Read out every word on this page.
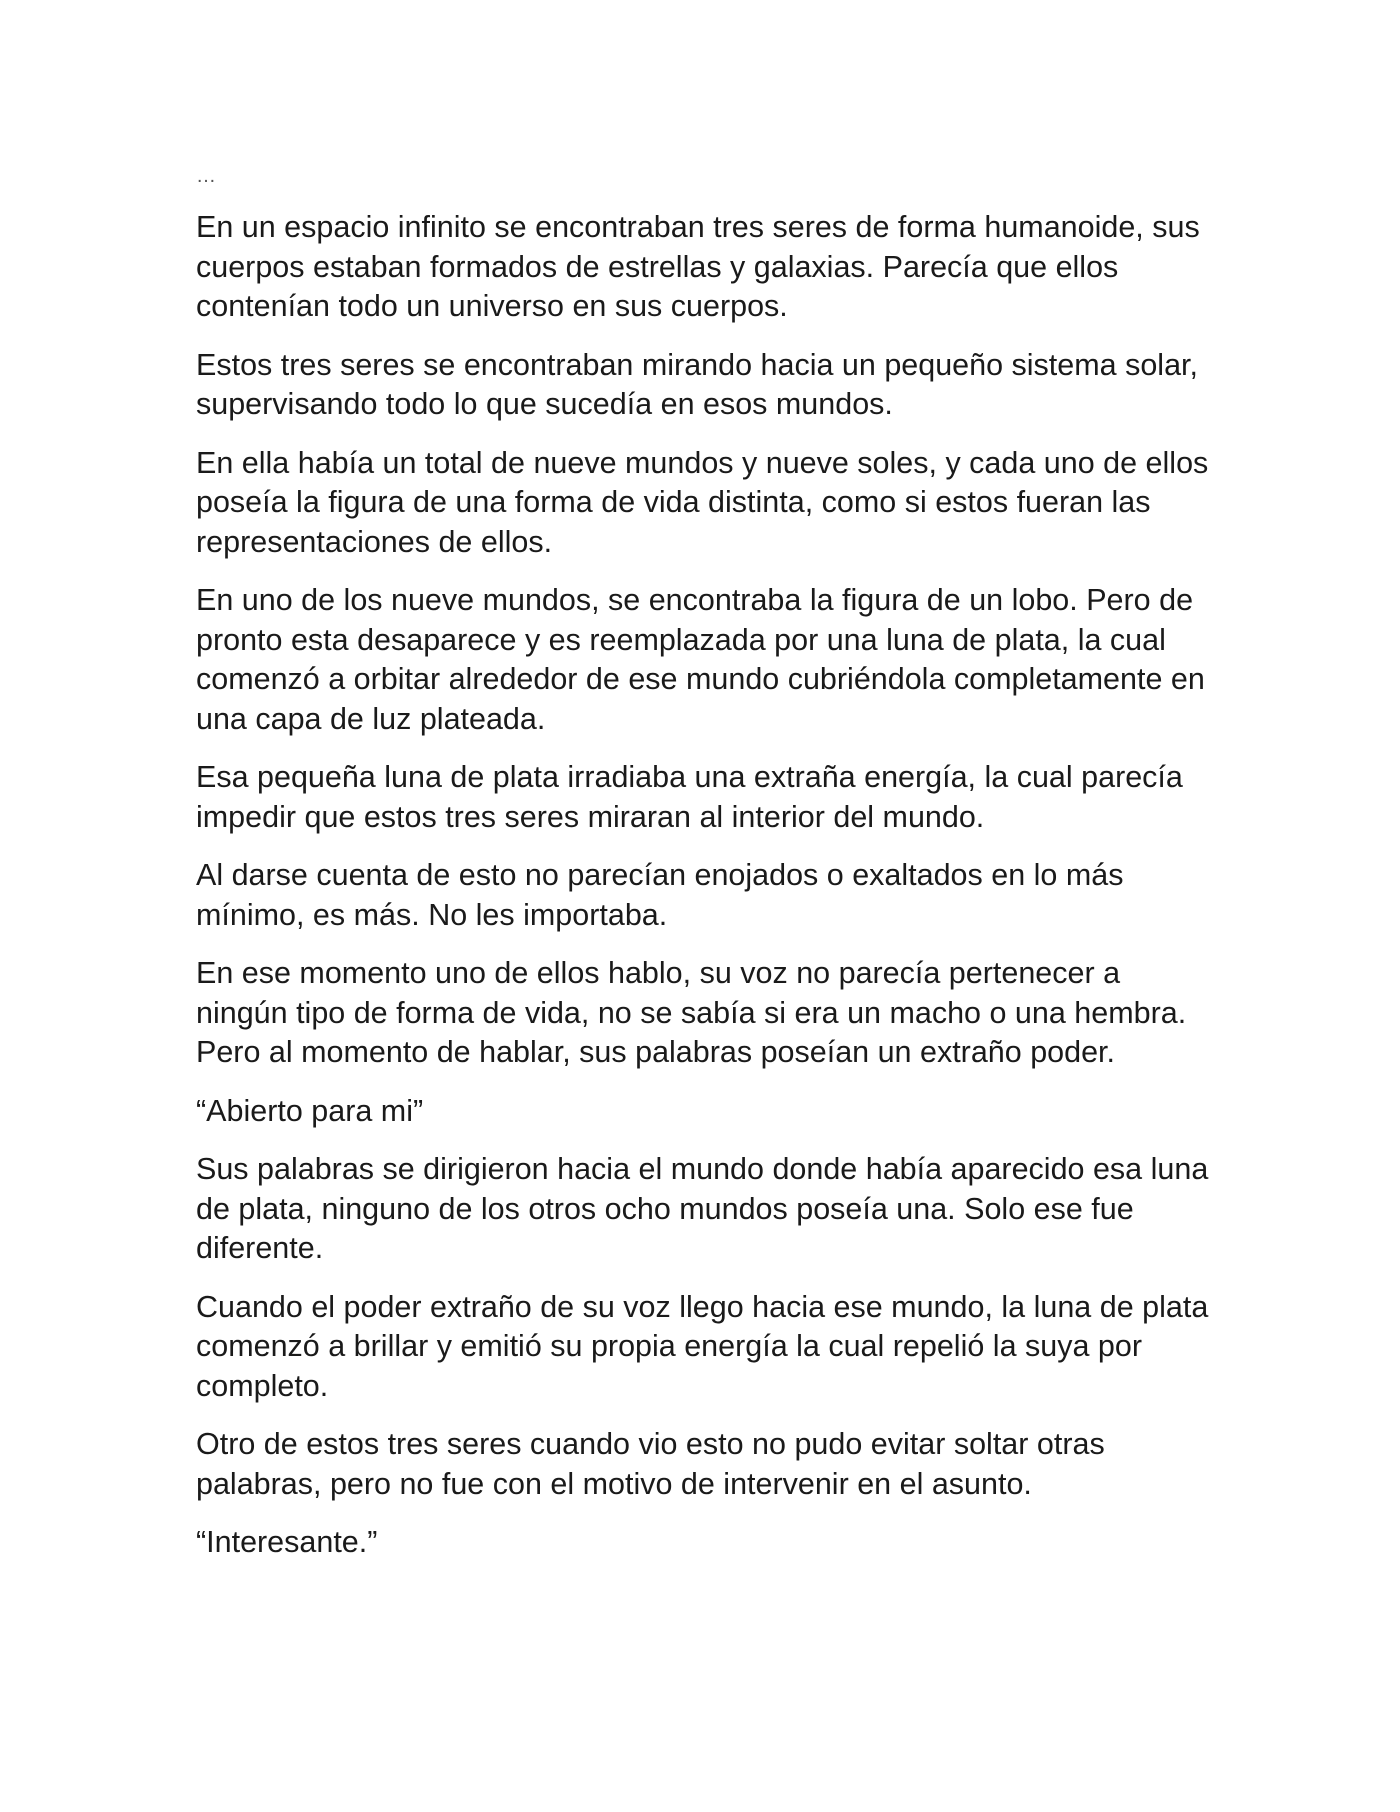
…

En un espacio infinito se encontraban tres seres de forma humanoide, sus cuerpos estaban formados de estrellas y galaxias. Parecía que ellos contenían todo un universo en sus cuerpos.

Estos tres seres se encontraban mirando hacia un pequeño sistema solar, supervisando todo lo que sucedía en esos mundos.

En ella había un total de nueve mundos y nueve soles, y cada uno de ellos poseía la figura de una forma de vida distinta, como si estos fueran las representaciones de ellos.

En uno de los nueve mundos, se encontraba la figura de un lobo. Pero de pronto esta desaparece y es reemplazada por una luna de plata, la cual comenzó a orbitar alrededor de ese mundo cubriéndola completamente en una capa de luz plateada.

Esa pequeña luna de plata irradiaba una extraña energía, la cual parecía impedir que estos tres seres miraran al interior del mundo.

Al darse cuenta de esto no parecían enojados o exaltados en lo más mínimo, es más. No les importaba.

En ese momento uno de ellos hablo, su voz no parecía pertenecer a ningún tipo de forma de vida, no se sabía si era un macho o una hembra. Pero al momento de hablar, sus palabras poseían un extraño poder.

“Abierto para mi”

Sus palabras se dirigieron hacia el mundo donde había aparecido esa luna de plata, ninguno de los otros ocho mundos poseía una. Solo ese fue diferente.

Cuando el poder extraño de su voz llego hacia ese mundo, la luna de plata comenzó a brillar y emitió su propia energía la cual repelió la suya por completo.

Otro de estos tres seres cuando vio esto no pudo evitar soltar otras palabras, pero no fue con el motivo de intervenir en el asunto.

“Interesante.”
